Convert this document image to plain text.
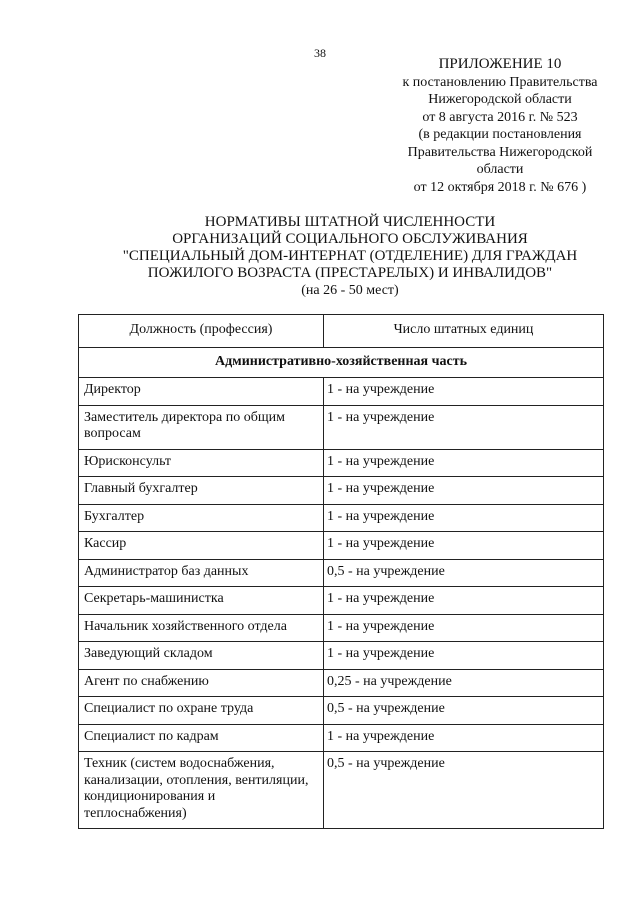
38
ПРИЛОЖЕНИЕ 10
к постановлению Правительства
Нижегородской области
от 8 августа 2016 г. № 523
(в редакции постановления
Правительства Нижегородской
области
от 12 октября 2018 г. № 676 )
НОРМАТИВЫ ШТАТНОЙ ЧИСЛЕННОСТИ
ОРГАНИЗАЦИЙ СОЦИАЛЬНОГО ОБСЛУЖИВАНИЯ
"СПЕЦИАЛЬНЫЙ ДОМ-ИНТЕРНАТ (ОТДЕЛЕНИЕ) ДЛЯ ГРАЖДАН
ПОЖИЛОГО ВОЗРАСТА (ПРЕСТАРЕЛЫХ) И ИНВАЛИДОВ"
(на 26 - 50 мест)
Должность (профессия)	Число штатных единиц
Административно-хозяйственная часть	
Директор	1 - на учреждение
Заместитель директора по общим вопросам	1 - на учреждение
Юрисконсульт	1 - на учреждение
Главный бухгалтер	1 - на учреждение
Бухгалтер	1 - на учреждение
Кассир	1 - на учреждение
Администратор баз данных	0,5 - на учреждение
Секретарь-машинистка	1 - на учреждение
Начальник хозяйственного отдела	1 - на учреждение
Заведующий складом	1 - на учреждение
Агент по снабжению	0,25 - на учреждение
Специалист по охране труда	0,5 - на учреждение
Специалист по кадрам	1 - на учреждение
Техник (систем водоснабжения, канализации, отопления, вентиляции, кондиционирования и теплоснабжения)	0,5 - на учреждение
